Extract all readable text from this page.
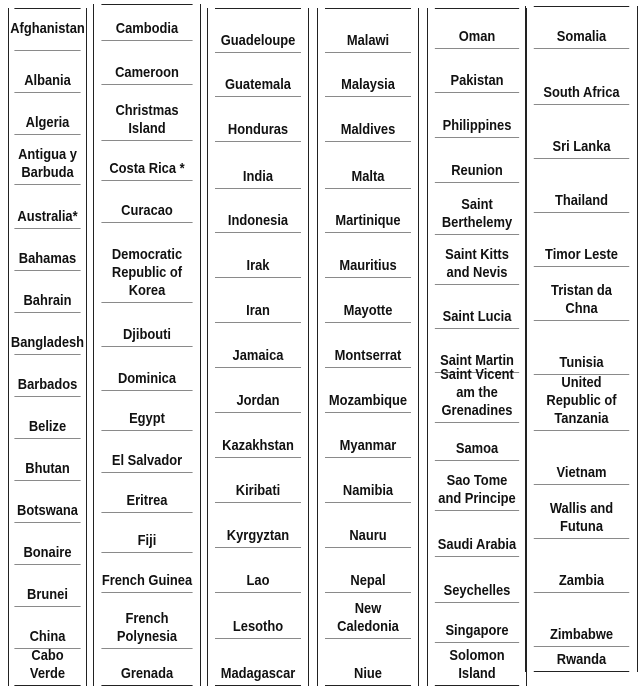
Afghanistan
Albania
Algeria
Antigua y Barbuda
Australia*
Bahamas
Bahrain
Bangladesh
Barbados
Belize
Bhutan
Botswana
Bonaire
Brunei
China
Cabo Verde
Cambodia
Cameroon
Christmas Island
Costa Rica *
Curacao
Democratic Republic of Korea
Djibouti
Dominica
Egypt
El Salvador
Eritrea
Fiji
French Guinea
French Polynesia
Grenada
Guadeloupe
Guatemala
Honduras
India
Indonesia
Irak
Iran
Jamaica
Jordan
Kazakhstan
Kiribati
Kyrgyztan
Lao
Lesotho
Madagascar
Malawi
Malaysia
Maldives
Malta
Martinique
Mauritius
Mayotte
Montserrat
Mozambique
Myanmar
Namibia
Nauru
Nepal
New Caledonia
Niue
Oman
Pakistan
Philippines
Reunion
Saint Berthelemy
Saint Kitts and Nevis
Saint Lucia
Saint Martin
Saint Vicent am the Grenadines
Samoa
Sao Tome and Principe
Saudi Arabia
Seychelles
Singapore
Solomon Island
Somalia
South Africa
Sri Lanka
Thailand
Timor Leste
Tristan da Chna
Tunisia
United Republic of Tanzania
Vietnam
Wallis and Futuna
Zambia
Zimbabwe
Rwanda
